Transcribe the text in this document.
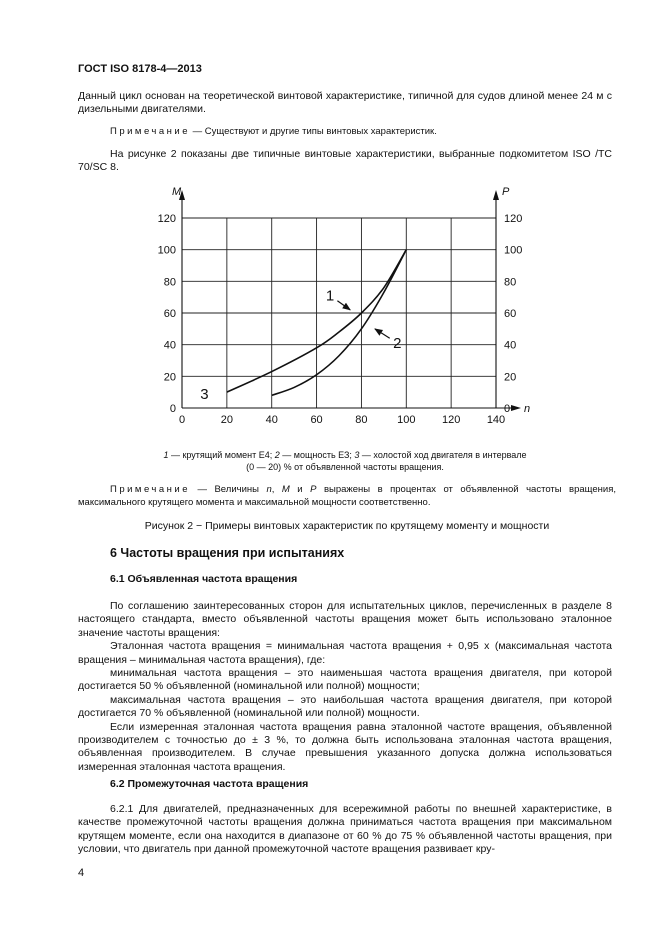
ГОСТ ISO 8178-4—2013
Данный цикл основан на теоретической винтовой характеристике, типичной для судов длиной менее 24 м с дизельными двигателями.
Примечание — Существуют и другие типы винтовых характеристик.
На рисунке 2 показаны две типичные винтовые характеристики, выбранные подкомитетом ISO /ТС 70/SC 8.
0	20	40	60	80	100 120 140
0
20
40
60
80
100
120
0
20
40
60
80
100
120
1
2
3
M	P
n
1 — крутящий момент Е4; 2 — мощность ЕЗ; 3 — холостой ход двигателя в интервале
(0 — 20) % от объявленной частоты вращения.
Примечание — Величины n, M и P выражены в процентах от объявленной частоты вращения, максимального крутящего момента и максимальной мощности соответственно.
Рисунок 2 − Примеры винтовых характеристик по крутящему моменту и мощности
6 Частоты вращения при испытаниях
6.1 Объявленная частота вращения
По соглашению заинтересованных сторон для испытательных циклов, перечисленных в разделе 8 настоящего стандарта, вместо объявленной частоты вращения может быть использовано эталонное значение частоты вращения:
Эталонная частота вращения = минимальная частота вращения + 0,95 х (максимальная частота вращения – минимальная частота вращения), где:
минимальная частота вращения – это наименьшая частота вращения двигателя, при которой достигается 50 % объявленной (номинальной или полной) мощности;
максимальная частота вращения – это наибольшая частота вращения двигателя, при которой достигается 70 % объявленной (номинальной или полной) мощности.
Если измеренная эталонная частота вращения равна эталонной частоте вращения, объявленной производителем с точностью до ± 3 %, то должна быть использована эталонная частота вращения, объявленная производителем. В случае превышения указанного допуска должна использоваться измеренная эталонная частота вращения.
6.2 Промежуточная частота вращения
6.2.1 Для двигателей, предназначенных для всережимной работы по внешней характеристике, в качестве промежуточной частоты вращения должна приниматься частота вращения при максимальном крутящем моменте, если она находится в диапазоне от 60 % до 75 % объявленной частоты вращения, при условии, что двигатель при данной промежуточной частоте вращения развивает кру-
4
